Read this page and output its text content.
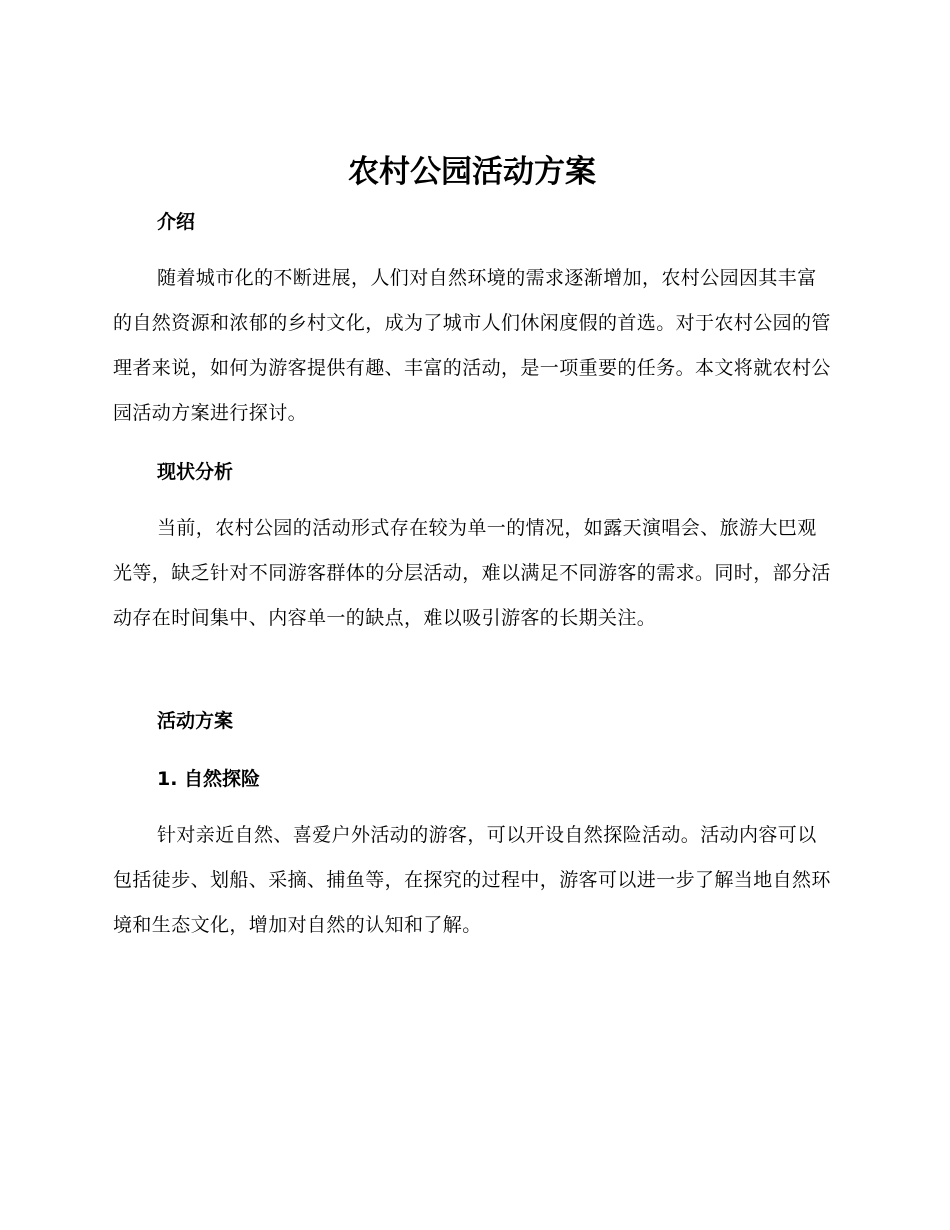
农村公园活动方案
介绍

随着城市化的不断进展，人们对自然环境的需求逐渐增加，农村公园因其丰富的自然资源和浓郁的乡村文化，成为了城市人们休闲度假的首选。对于农村公园的管理者来说，如何为游客提供有趣、丰富的活动，是一项重要的任务。本文将就农村公园活动方案进行探讨。

现状分析

当前，农村公园的活动形式存在较为单一的情况，如露天演唱会、旅游大巴观光等，缺乏针对不同游客群体的分层活动，难以满足不同游客的需求。同时，部分活动存在时间集中、内容单一的缺点，难以吸引游客的长期关注。

活动方案
1. 自然探险

针对亲近自然、喜爱户外活动的游客，可以开设自然探险活动。活动内容可以包括徒步、划船、采摘、捕鱼等，在探究的过程中，游客可以进一步了解当地自然环境和生态文化，增加对自然的认知和了解。
